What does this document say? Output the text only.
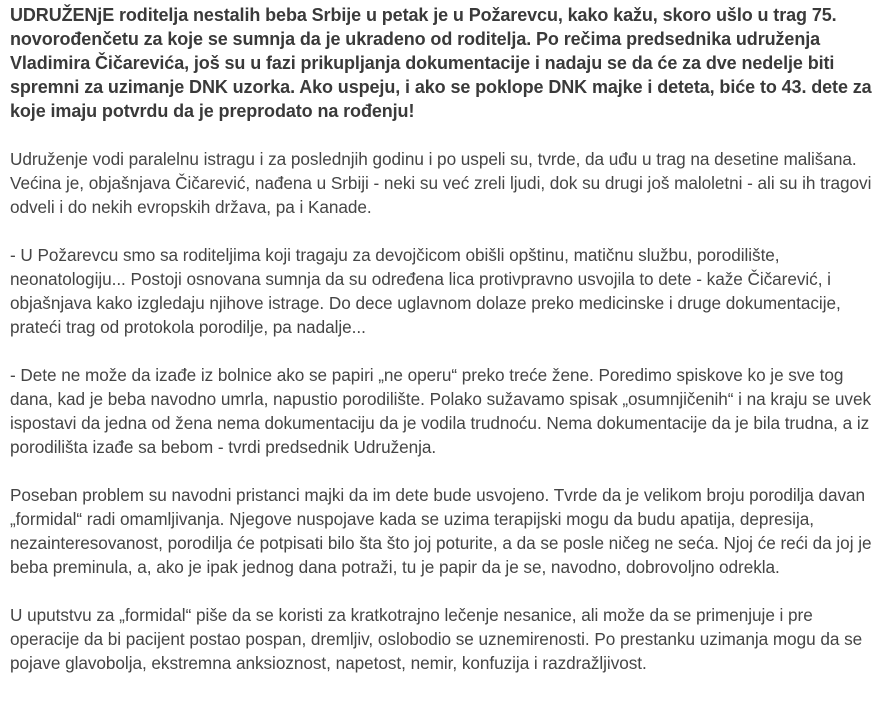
UDRUŽENjE roditelja nestalih beba Srbije u petak je u Požarevcu, kako kažu, skoro ušlo u trag 75. novorođenčetu za koje se sumnja da je ukradeno od roditelja. Po rečima predsednika udruženja Vladimira Čičarevića, još su u fazi prikupljanja dokumentacije i nadaju se da će za dve nedelje biti spremni za uzimanje DNK uzorka. Ako uspeju, i ako se poklope DNK majke i deteta, biće to 43. dete za koje imaju potvrdu da je preprodato na rođenju!

Udruženje vodi paralelnu istragu i za poslednjih godinu i po uspeli su, tvrde, da uđu u trag na desetine mališana. Većina je, objašnjava Čičarević, nađena u Srbiji - neki su već zreli ljudi, dok su drugi još maloletni - ali su ih tragovi odveli i do nekih evropskih država, pa i Kanade.

- U Požarevcu smo sa roditeljima koji tragaju za devojčicom obišli opštinu, matičnu službu, porodilište, neonatologiju... Postoji osnovana sumnja da su određena lica protivpravno usvojila to dete - kaže Čičarević, i objašnjava kako izgledaju njihove istrage. Do dece uglavnom dolaze preko medicinske i druge dokumentacije, prateći trag od protokola porodilje, pa nadalje...

- Dete ne može da izađe iz bolnice ako se papiri „ne operu“ preko treće žene. Poredimo spiskove ko je sve tog dana, kad je beba navodno umrla, napustio porodilište. Polako sužavamo spisak „osumnjičenih“ i na kraju se uvek ispostavi da jedna od žena nema dokumentaciju da je vodila trudnoću. Nema dokumentacije da je bila trudna, a iz porodilišta izađe sa bebom - tvrdi predsednik Udruženja.

Poseban problem su navodni pristanci majki da im dete bude usvojeno. Tvrde da je velikom broju porodilja davan „formidal“ radi omamljivanja. Njegove nuspojave kada se uzima terapijski mogu da budu apatija, depresija, nezainteresovanost, porodilja će potpisati bilo šta što joj poturite, a da se posle ničeg ne seća. Njoj će reći da joj je beba preminula, a, ako je ipak jednog dana potraži, tu je papir da je se, navodno, dobrovoljno odrekla.

U uputstvu za „formidal“ piše da se koristi za kratkotrajno lečenje nesanice, ali može da se primenjuje i pre operacije da bi pacijent postao pospan, dremljiv, oslobodio se uznemirenosti. Po prestanku uzimanja mogu da se pojave glavobolja, ekstremna anksioznost, napetost, nemir, konfuzija i razdražljivost.
